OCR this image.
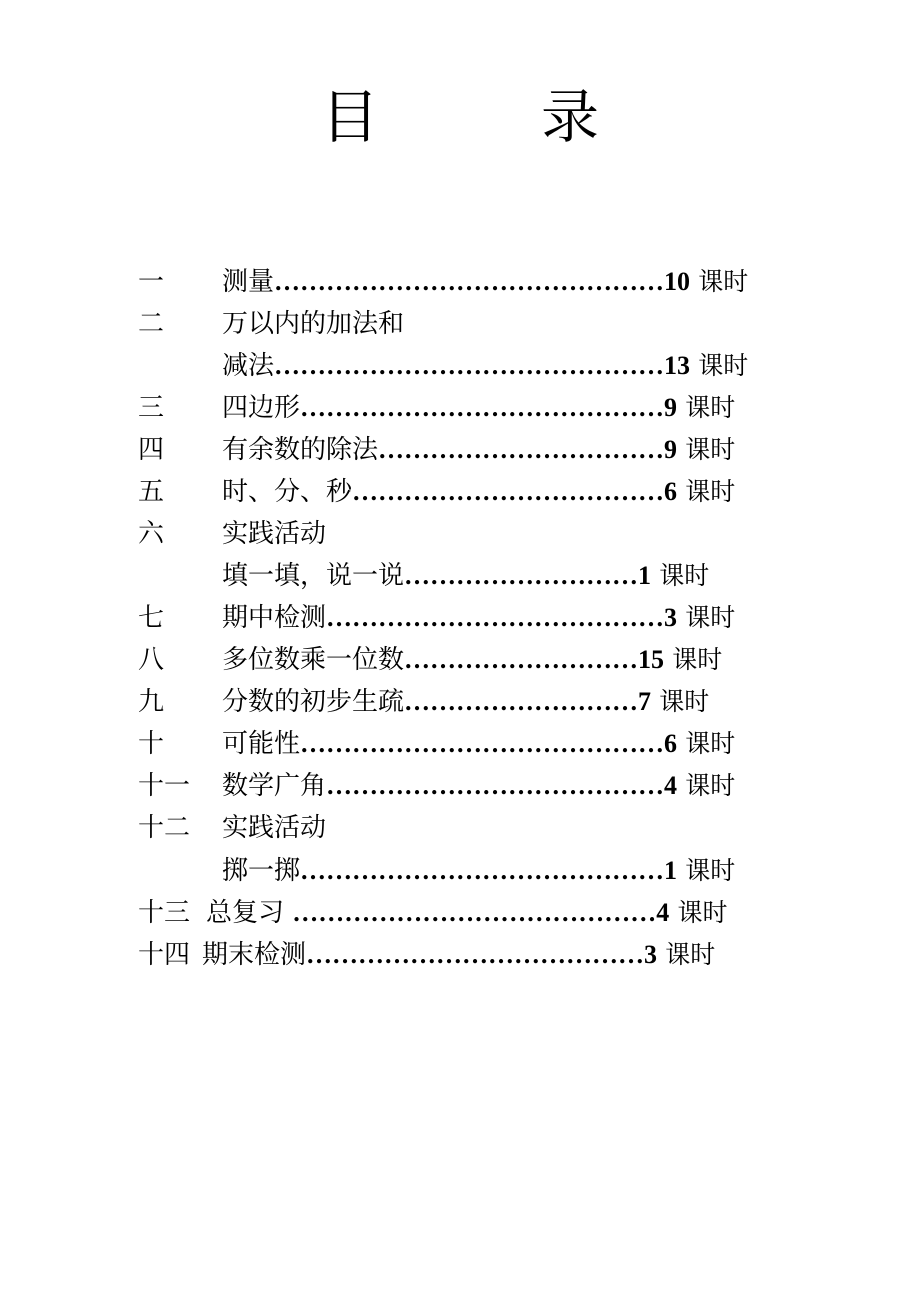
目　录
一 测量………………………………………10 课时
二 万以内的加法和
减法………………………………………13 课时
三 四边形……………………………………9 课时
四 有余数的除法……………………………9 课时
五 时、分、秒………………………………6 课时
六 实践活动
填一填，说一说………………………1 课时
七 期中检测…………………………………3 课时
八 多位数乘一位数………………………15 课时
九 分数的初步生疏………………………7 课时
十 可能性……………………………………6 课时
十一 数学广角…………………………………4 课时
十二 实践活动
掷一掷……………………………………1 课时
十三 总复习 ……………………………………4 课时
十四 期末检测…………………………………3 课时
